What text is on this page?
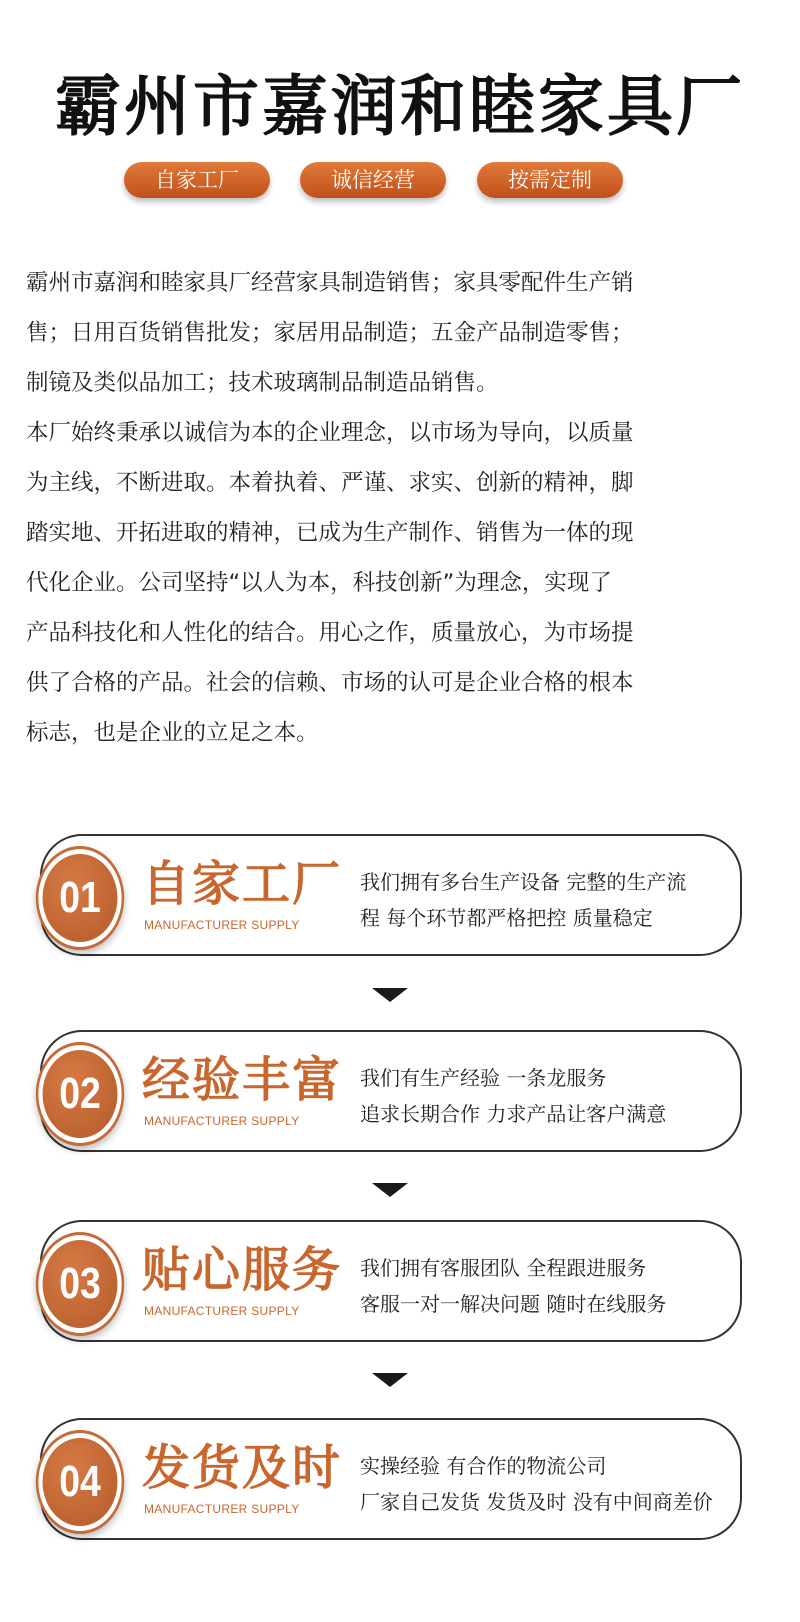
霸州市嘉润和睦家具厂
自家工厂	诚信经营	按需定制

霸州市嘉润和睦家具厂经营家具制造销售；家具零配件生产销

售；日用百货销售批发；家居用品制造；五金产品制造零售；

制镜及类似品加工；技术玻璃制品制造品销售。

本厂始终秉承以诚信为本的企业理念，以市场为导向，以质量

为主线，不断进取。本着执着、严谨、求实、创新的精神，脚

踏实地、开拓进取的精神，已成为生产制作、销售为一体的现

代化企业。公司坚持“以人为本，科技创新”为理念，实现了

产品科技化和人性化的结合。用心之作，质量放心，为市场提

供了合格的产品。社会的信赖、市场的认可是企业合格的根本

标志，也是企业的立足之本。

01 自家工厂
MANUFACTURER SUPPLY
我们拥有多台生产设备 完整的生产流
程 每个环节都严格把控 质量稳定
02 经验丰富
MANUFACTURER SUPPLY
我们有生产经验 一条龙服务
追求长期合作 力求产品让客户满意
03 贴心服务
MANUFACTURER SUPPLY
我们拥有客服团队 全程跟进服务
客服一对一解决问题 随时在线服务
04 发货及时
MANUFACTURER SUPPLY
实操经验 有合作的物流公司
厂家自己发货 发货及时 没有中间商差价
